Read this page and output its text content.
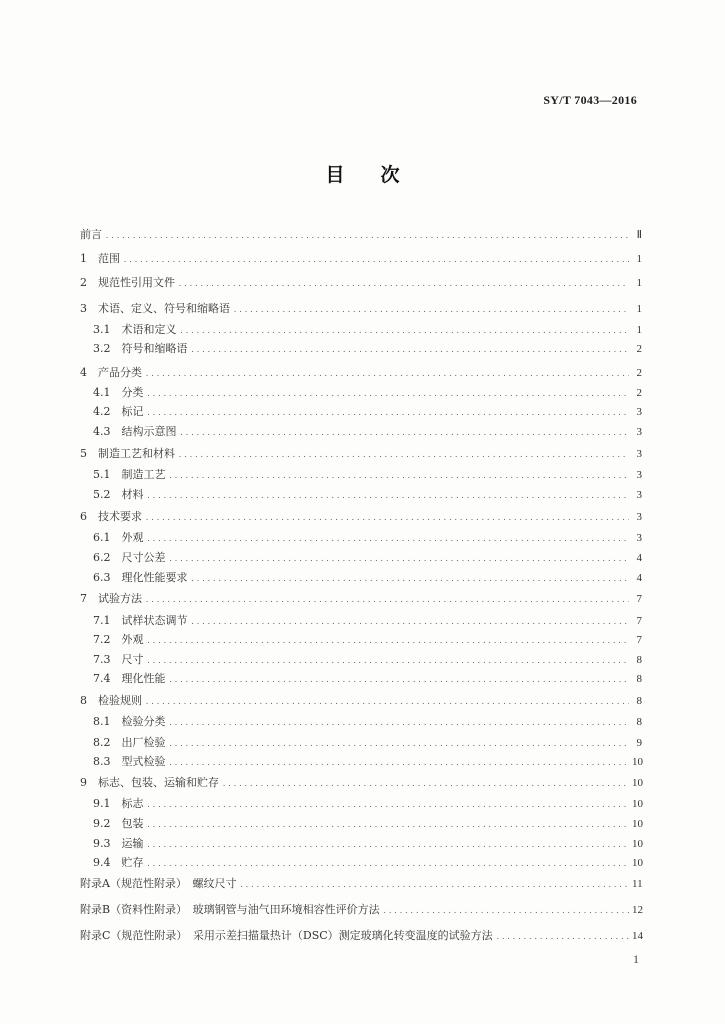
SY/T 7043—2016
目 次
前言 .....	Ⅱ
1　范围 .....	1
2　规范性引用文件 .....	1
3　术语、定义、符号和缩略语 .....	1
3.1　术语和定义 .....	1
3.2　符号和缩略语 .....	2
4　产品分类 .....	2
4.1　分类 .....	2
4.2　标记 .....	3
4.3　结构示意图 .....	3
5　制造工艺和材料 .....	3
5.1　制造工艺 .....	3
5.2　材料 .....	3
6　技术要求 .....	3
6.1　外观 .....	3
6.2　尺寸公差 .....	4
6.3　理化性能要求 .....	4
7　试验方法 .....	7
7.1　试样状态调节 .....	7
7.2　外观 .....	7
7.3　尺寸 .....	8
7.4　理化性能 .....	8
8　检验规则 .....	8
8.1　检验分类 .....	8
8.2　出厂检验 .....	9
8.3　型式检验 .....	10
9　标志、包装、运输和贮存 .....	10
9.1　标志 .....	10
9.2　包装 .....	10
9.3　运输 .....	10
9.4　贮存 .....	10
附录A（规范性附录）　螺纹尺寸 .....	11
附录B（资料性附录）　玻璃钢管与油气田环境相容性评价方法 .....	12
附录C（规范性附录）　采用示差扫描量热计（DSC）测定玻璃化转变温度的试验方法 .....	14
1
